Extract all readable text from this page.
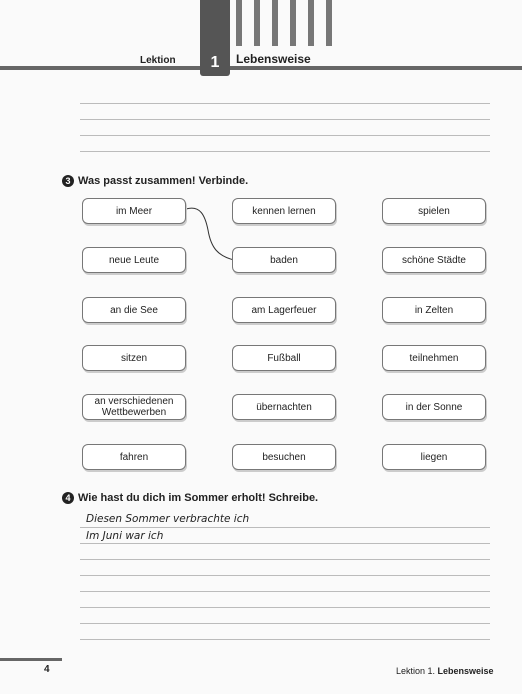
1
Lektion	Lebensweise
3 Was passt zusammen! Verbinde.
im Meer
neue Leute
an die See
sitzen
an verschiedenen Wettbewerben
fahren
kennen lernen
baden
am Lagerfeuer
Fußball
übernachten
besuchen
spielen
schöne Städte
in Zelten
teilnehmen
in der Sonne
liegen
4 Wie hast du dich im Sommer erholt! Schreibe.
Diesen Sommer verbrachte ich
Im Juni war ich
4	Lektion 1. Lebensweise
